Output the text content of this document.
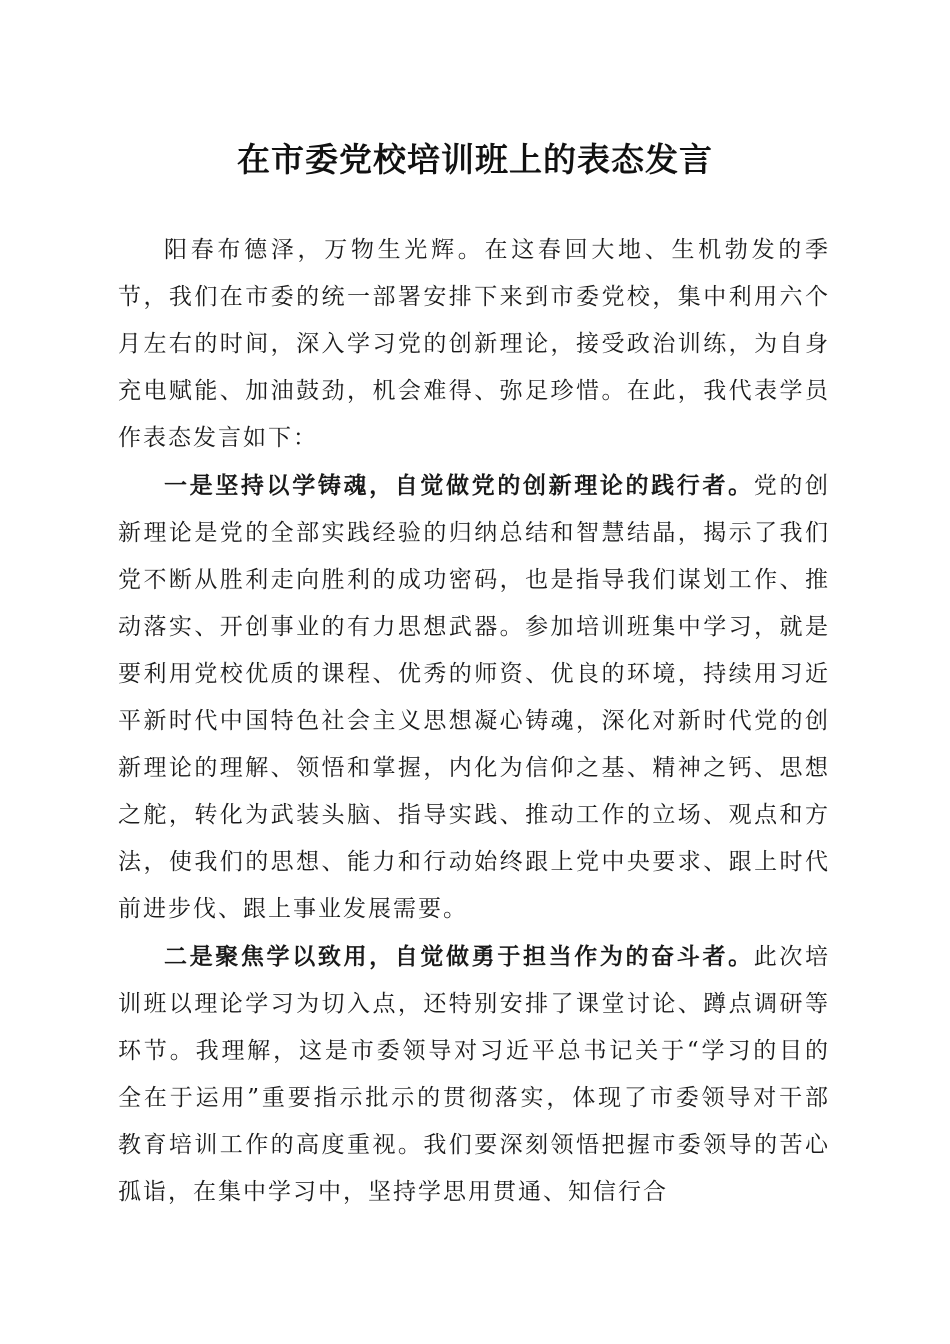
在市委党校培训班上的表态发言

阳春布德泽，万物生光辉。在这春回大地、生机勃发的季节，我们在市委的统一部署安排下来到市委党校，集中利用六个月左右的时间，深入学习党的创新理论，接受政治训练，为自身充电赋能、加油鼓劲，机会难得、弥足珍惜。在此，我代表学员作表态发言如下：

一是坚持以学铸魂，自觉做党的创新理论的践行者。党的创新理论是党的全部实践经验的归纳总结和智慧结晶，揭示了我们党不断从胜利走向胜利的成功密码，也是指导我们谋划工作、推动落实、开创事业的有力思想武器。参加培训班集中学习，就是要利用党校优质的课程、优秀的师资、优良的环境，持续用习近平新时代中国特色社会主义思想凝心铸魂，深化对新时代党的创新理论的理解、领悟和掌握，内化为信仰之基、精神之钙、思想之舵，转化为武装头脑、指导实践、推动工作的立场、观点和方法，使我们的思想、能力和行动始终跟上党中央要求、跟上时代前进步伐、跟上事业发展需要。

二是聚焦学以致用，自觉做勇于担当作为的奋斗者。此次培训班以理论学习为切入点，还特别安排了课堂讨论、蹲点调研等环节。我理解，这是市委领导对习近平总书记关于“学习的目的全在于运用”重要指示批示的贯彻落实，体现了市委领导对干部教育培训工作的高度重视。我们要深刻领悟把握市委领导的苦心孤诣，在集中学习中，坚持学思用贯通、知信行合
